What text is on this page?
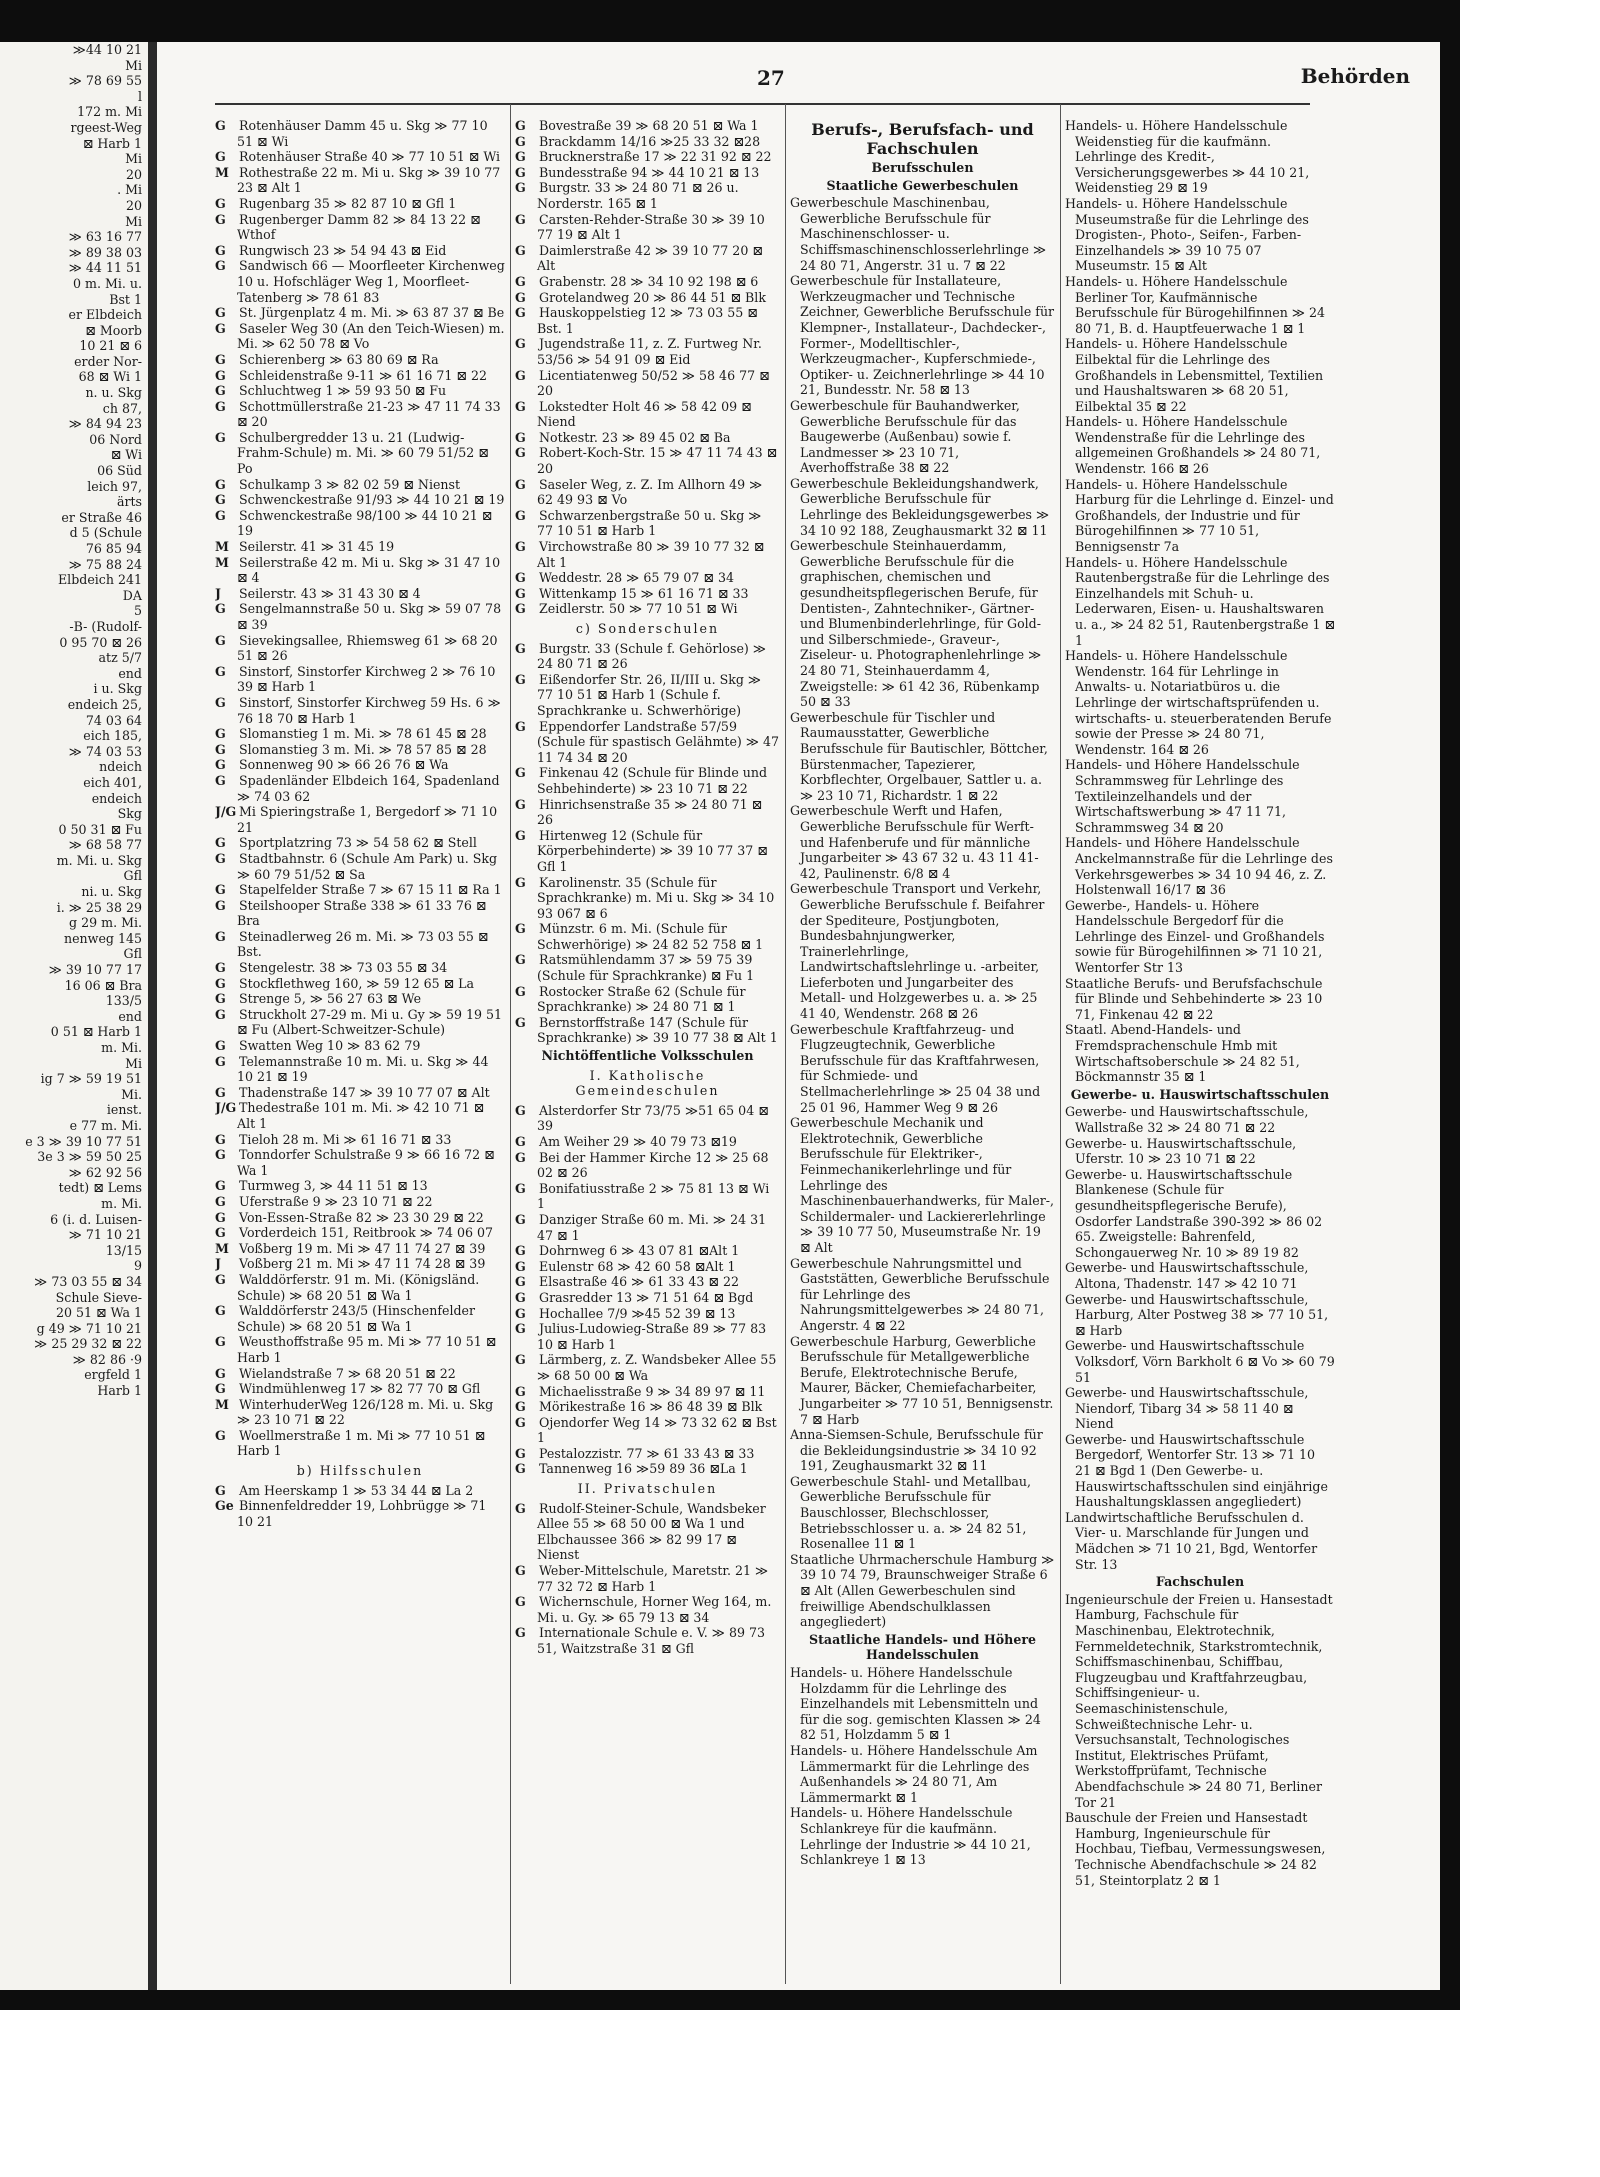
≫44 10 21
Mi
≫ 78 69 55
l
172 m. Mi
rgeest-Weg
⊠ Harb 1
Mi
20
. Mi
20
Mi
≫ 63 16 77
≫ 89 38 03
≫ 44 11 51
0 m. Mi. u.
Bst 1
er Elbdeich
⊠ Moorb
10 21 ⊠ 6
erder Nor-
68 ⊠ Wi 1
n. u. Skg
ch 87,
≫ 84 94 23
06 Nord
⊠ Wi
06 Süd
leich 97,
ärts
er Straße 46
d 5 (Schule
76 85 94
≫ 75 88 24
Elbdeich 241
DA
5
-B- (Rudolf-
0 95 70 ⊠ 26
atz 5/7
end
i u. Skg
endeich 25,
74 03 64
eich 185,
≫ 74 03 53
ndeich
eich 401,
endeich
Skg
0 50 31 ⊠ Fu
≫ 68 58 77
m. Mi. u. Skg
Gfl
ni. u. Skg
i. ≫ 25 38 29
g 29 m. Mi.
nenweg 145
Gfl
≫ 39 10 77 17
16 06 ⊠ Bra
133/5
end
0 51 ⊠ Harb 1
m. Mi.
Mi
ig 7 ≫ 59 19 51
Mi.
ienst.
e 77 m. Mi.
e 3 ≫ 39 10 77 51
3e 3 ≫ 59 50 25
≫ 62 92 56
tedt) ⊠ Lems
m. Mi.
6 (i. d. Luisen-
≫ 71 10 21
13/15
9
≫ 73 03 55 ⊠ 34
Schule Sieve-
20 51 ⊠ Wa 1
g 49 ≫ 71 10 21
≫ 25 29 32 ⊠ 22
≫ 82 86 ·9
ergfeld 1
Harb 1
27	Behörden
G Rotenhäuser Damm 45 u. Skg ≫ 77 10 51 ⊠ Wi
G Rotenhäuser Straße 40 ≫ 77 10 51 ⊠ Wi
M Rothestraße 22 m. Mi u. Skg ≫ 39 10 77 23 ⊠ Alt 1
G Rugenbarg 35 ≫ 82 87 10 ⊠ Gfl 1
G Rugenberger Damm 82 ≫ 84 13 22 ⊠ Wthof
G Rungwisch 23 ≫ 54 94 43 ⊠ Eid
G Sandwisch 66 — Moorfleeter Kirchenweg 10 u. Hofschläger Weg 1, Moorfleet-Tatenberg ≫ 78 61 83
G St. Jürgenplatz 4 m. Mi. ≫ 63 87 37 ⊠ Be
G Saseler Weg 30 (An den Teich-Wiesen) m. Mi. ≫ 62 50 78 ⊠ Vo
G Schierenberg ≫ 63 80 69 ⊠ Ra
G Schleidenstraße 9-11 ≫ 61 16 71 ⊠ 22
G Schluchtweg 1 ≫ 59 93 50 ⊠ Fu
G Schottmüllerstraße 21-23 ≫ 47 11 74 33 ⊠ 20
G Schulbergredder 13 u. 21 (Ludwig-Frahm-Schule) m. Mi. ≫ 60 79 51/52 ⊠ Po
G Schulkamp 3 ≫ 82 02 59 ⊠ Nienst
G Schwenckestraße 91/93 ≫ 44 10 21 ⊠ 19
G Schwenckestraße 98/100 ≫ 44 10 21 ⊠ 19
M Seilerstr. 41 ≫ 31 45 19
M Seilerstraße 42 m. Mi u. Skg ≫ 31 47 10 ⊠ 4
J Seilerstr. 43 ≫ 31 43 30 ⊠ 4
G Sengelmannstraße 50 u. Skg ≫ 59 07 78 ⊠ 39
G Sievekingsallee, Rhiemsweg 61 ≫ 68 20 51 ⊠ 26
G Sinstorf, Sinstorfer Kirchweg 2 ≫ 76 10 39 ⊠ Harb 1
G Sinstorf, Sinstorfer Kirchweg 59 Hs. 6 ≫ 76 18 70 ⊠ Harb 1
G Slomanstieg 1 m. Mi. ≫ 78 61 45 ⊠ 28
G Slomanstieg 3 m. Mi. ≫ 78 57 85 ⊠ 28
G Sonnenweg 90 ≫ 66 26 76 ⊠ Wa
G Spadenländer Elbdeich 164, Spadenland ≫ 74 03 62
J/G Mi Spieringstraße 1, Bergedorf ≫ 71 10 21
G Sportplatzring 73 ≫ 54 58 62 ⊠ Stell
G Stadtbahnstr. 6 (Schule Am Park) u. Skg ≫ 60 79 51/52 ⊠ Sa
G Stapelfelder Straße 7 ≫ 67 15 11 ⊠ Ra 1
G Steilshooper Straße 338 ≫ 61 33 76 ⊠ Bra
G Steinadlerweg 26 m. Mi. ≫ 73 03 55 ⊠ Bst.
G Stengelestr. 38 ≫ 73 03 55 ⊠ 34
G Stockflethweg 160, ≫ 59 12 65 ⊠ La
G Strenge 5, ≫ 56 27 63 ⊠ We
G Struckholt 27-29 m. Mi u. Gy ≫ 59 19 51 ⊠ Fu (Albert-Schweitzer-Schule)
G Swatten Weg 10 ≫ 83 62 79
G Telemannstraße 10 m. Mi. u. Skg ≫ 44 10 21 ⊠ 19
G Thadenstraße 147 ≫ 39 10 77 07 ⊠ Alt
J/G Thedestraße 101 m. Mi. ≫ 42 10 71 ⊠ Alt 1
G Tieloh 28 m. Mi ≫ 61 16 71 ⊠ 33
G Tonndorfer Schulstraße 9 ≫ 66 16 72 ⊠ Wa 1
G Turmweg 3, ≫ 44 11 51 ⊠ 13
G Uferstraße 9 ≫ 23 10 71 ⊠ 22
G Von-Essen-Straße 82 ≫ 23 30 29 ⊠ 22
G Vorderdeich 151, Reitbrook ≫ 74 06 07
M Voßberg 19 m. Mi ≫ 47 11 74 27 ⊠ 39
J Voßberg 21 m. Mi ≫ 47 11 74 28 ⊠ 39
G Walddörferstr. 91 m. Mi. (Königsländ. Schule) ≫ 68 20 51 ⊠ Wa 1
G Walddörferstr 243/5 (Hinschenfelder Schule) ≫ 68 20 51 ⊠ Wa 1
G Weusthoffstraße 95 m. Mi ≫ 77 10 51 ⊠ Harb 1
G Wielandstraße 7 ≫ 68 20 51 ⊠ 22
G Windmühlenweg 17 ≫ 82 77 70 ⊠ Gfl
M WinterhuderWeg 126/128 m. Mi. u. Skg ≫ 23 10 71 ⊠ 22
G Woellmerstraße 1 m. Mi ≫ 77 10 51 ⊠ Harb 1
b) Hilfsschulen
G Am Heerskamp 1 ≫ 53 34 44 ⊠ La 2
Ge Binnenfeldredder 19, Lohbrügge ≫ 71 10 21
G Bovestraße 39 ≫ 68 20 51 ⊠ Wa 1
G Brackdamm 14/16 ≫25 33 32 ⊠28
G Brucknerstraße 17 ≫ 22 31 92 ⊠ 22
G Bundesstraße 94 ≫ 44 10 21 ⊠ 13
G Burgstr. 33 ≫ 24 80 71 ⊠ 26 u. Norderstr. 165 ⊠ 1
G Carsten-Rehder-Straße 30 ≫ 39 10 77 19 ⊠ Alt 1
G Daimlerstraße 42 ≫ 39 10 77 20 ⊠ Alt
G Grabenstr. 28 ≫ 34 10 92 198 ⊠ 6
G Grotelandweg 20 ≫ 86 44 51 ⊠ Blk
G Hauskoppelstieg 12 ≫ 73 03 55 ⊠ Bst. 1
G Jugendstraße 11, z. Z. Furtweg Nr. 53/56 ≫ 54 91 09 ⊠ Eid
G Licentiatenweg 50/52 ≫ 58 46 77 ⊠ 20
G Lokstedter Holt 46 ≫ 58 42 09 ⊠ Niend
G Notkestr. 23 ≫ 89 45 02 ⊠ Ba
G Robert-Koch-Str. 15 ≫ 47 11 74 43 ⊠ 20
G Saseler Weg, z. Z. Im Allhorn 49 ≫ 62 49 93 ⊠ Vo
G Schwarzenbergstraße 50 u. Skg ≫ 77 10 51 ⊠ Harb 1
G Virchowstraße 80 ≫ 39 10 77 32 ⊠ Alt 1
G Weddestr. 28 ≫ 65 79 07 ⊠ 34
G Wittenkamp 15 ≫ 61 16 71 ⊠ 33
G Zeidlerstr. 50 ≫ 77 10 51 ⊠ Wi
c) Sonderschulen
G Burgstr. 33 (Schule f. Gehörlose) ≫ 24 80 71 ⊠ 26
G Eißendorfer Str. 26, II/III u. Skg ≫ 77 10 51 ⊠ Harb 1 (Schule f. Sprachkranke u. Schwerhörige)
G Eppendorfer Landstraße 57/59 (Schule für spastisch Gelähmte) ≫ 47 11 74 34 ⊠ 20
G Finkenau 42 (Schule für Blinde und Sehbehinderte) ≫ 23 10 71 ⊠ 22
G Hinrichsenstraße 35 ≫ 24 80 71 ⊠ 26
G Hirtenweg 12 (Schule für Körperbehinderte) ≫ 39 10 77 37 ⊠ Gfl 1
G Karolinenstr. 35 (Schule für Sprachkranke) m. Mi u. Skg ≫ 34 10 93 067 ⊠ 6
G Münzstr. 6 m. Mi. (Schule für Schwerhörige) ≫ 24 82 52 758 ⊠ 1
G Ratsmühlendamm 37 ≫ 59 75 39 (Schule für Sprachkranke) ⊠ Fu 1
G Rostocker Straße 62 (Schule für Sprachkranke) ≫ 24 80 71 ⊠ 1
G Bernstorffstraße 147 (Schule für Sprachkranke) ≫ 39 10 77 38 ⊠ Alt 1
Nichtöffentliche Volksschulen
I. Katholische Gemeindeschulen
G Alsterdorfer Str 73/75 ≫51 65 04 ⊠ 39
G Am Weiher 29 ≫ 40 79 73 ⊠19
G Bei der Hammer Kirche 12 ≫ 25 68 02 ⊠ 26
G Bonifatiusstraße 2 ≫ 75 81 13 ⊠ Wi 1
G Danziger Straße 60 m. Mi. ≫ 24 31 47 ⊠ 1
G Dohrnweg 6 ≫ 43 07 81 ⊠Alt 1
G Eulenstr 68 ≫ 42 60 58 ⊠Alt 1
G Elsastraße 46 ≫ 61 33 43 ⊠ 22
G Grasredder 13 ≫ 71 51 64 ⊠ Bgd
G Hochallee 7/9 ≫45 52 39 ⊠ 13
G Julius-Ludowieg-Straße 89 ≫ 77 83 10 ⊠ Harb 1
G Lärmberg, z. Z. Wandsbeker Allee 55 ≫ 68 50 00 ⊠ Wa
G Michaelisstraße 9 ≫ 34 89 97 ⊠ 11
G Mörikestraße 16 ≫ 86 48 39 ⊠ Blk
G Ojendorfer Weg 14 ≫ 73 32 62 ⊠ Bst 1
G Pestalozzistr. 77 ≫ 61 33 43 ⊠ 33
G Tannenweg 16 ≫59 89 36 ⊠La 1
II. Privatschulen
G Rudolf-Steiner-Schule, Wandsbeker Allee 55 ≫ 68 50 00 ⊠ Wa 1 und Elbchaussee 366 ≫ 82 99 17 ⊠ Nienst
G Weber-Mittelschule, Maretstr. 21 ≫ 77 32 72 ⊠ Harb 1
G Wichernschule, Horner Weg 164, m. Mi. u. Gy. ≫ 65 79 13 ⊠ 34
G Internationale Schule e. V. ≫ 89 73 51, Waitzstraße 31 ⊠ Gfl
Berufs-, Berufsfach- und Fachschulen
Berufsschulen
Staatliche Gewerbeschulen
Gewerbeschule Maschinenbau, Gewerbliche Berufsschule für Maschinenschlosser- u. Schiffsmaschinenschlosserlehrlinge ≫ 24 80 71, Angerstr. 31 u. 7 ⊠ 22
Gewerbeschule für Installateure, Werkzeugmacher und Technische Zeichner, Gewerbliche Berufsschule für Klempner-, Installateur-, Dachdecker-, Former-, Modelltischler-, Werkzeugmacher-, Kupferschmiede-, Optiker- u. Zeichnerlehrlinge ≫ 44 10 21, Bundesstr. Nr. 58 ⊠ 13
Gewerbeschule für Bauhandwerker, Gewerbliche Berufsschule für das Baugewerbe (Außenbau) sowie f. Landmesser ≫ 23 10 71, Averhoffstraße 38 ⊠ 22
Gewerbeschule Bekleidungshandwerk, Gewerbliche Berufsschule für Lehrlinge des Bekleidungsgewerbes ≫ 34 10 92 188, Zeughausmarkt 32 ⊠ 11
Gewerbeschule Steinhauerdamm, Gewerbliche Berufsschule für die graphischen, chemischen und gesundheitspflegerischen Berufe, für Dentisten-, Zahntechniker-, Gärtner- und Blumenbinderlehrlinge, für Gold- und Silberschmiede-, Graveur-, Ziseleur- u. Photographenlehrlinge ≫ 24 80 71, Steinhauerdamm 4, Zweigstelle: ≫ 61 42 36, Rübenkamp 50 ⊠ 33
Gewerbeschule für Tischler und Raumausstatter, Gewerbliche Berufsschule für Bautischler, Böttcher, Bürstenmacher, Tapezierer, Korbflechter, Orgelbauer, Sattler u. a. ≫ 23 10 71, Richardstr. 1 ⊠ 22
Gewerbeschule Werft und Hafen, Gewerbliche Berufsschule für Werft- und Hafenberufe und für männliche Jungarbeiter ≫ 43 67 32 u. 43 11 41-42, Paulinenstr. 6/8 ⊠ 4
Gewerbeschule Transport und Verkehr, Gewerbliche Berufsschule f. Beifahrer der Spediteure, Postjungboten, Bundesbahnjungwerker, Trainerlehrlinge, Landwirtschaftslehrlinge u. -arbeiter, Lieferboten und Jungarbeiter des Metall- und Holzgewerbes u. a. ≫ 25 41 40, Wendenstr. 268 ⊠ 26
Gewerbeschule Kraftfahrzeug- und Flugzeugtechnik, Gewerbliche Berufsschule für das Kraftfahrwesen, für Schmiede- und Stellmacherlehrlinge ≫ 25 04 38 und 25 01 96, Hammer Weg 9 ⊠ 26
Gewerbeschule Mechanik und Elektrotechnik, Gewerbliche Berufsschule für Elektriker-, Feinmechanikerlehrlinge und für Lehrlinge des Maschinenbauerhandwerks, für Maler-, Schildermaler- und Lackiererlehrlinge ≫ 39 10 77 50, Museumstraße Nr. 19 ⊠ Alt
Gewerbeschule Nahrungsmittel und Gaststätten, Gewerbliche Berufsschule für Lehrlinge des Nahrungsmittelgewerbes ≫ 24 80 71, Angerstr. 4 ⊠ 22
Gewerbeschule Harburg, Gewerbliche Berufsschule für Metallgewerbliche Berufe, Elektrotechnische Berufe, Maurer, Bäcker, Chemiefacharbeiter, Jungarbeiter ≫ 77 10 51, Bennigsenstr. 7 ⊠ Harb
Anna-Siemsen-Schule, Berufsschule für die Bekleidungsindustrie ≫ 34 10 92 191, Zeughausmarkt 32 ⊠ 11
Gewerbeschule Stahl- und Metallbau, Gewerbliche Berufsschule für Bauschlosser, Blechschlosser, Betriebsschlosser u. a. ≫ 24 82 51, Rosenallee 11 ⊠ 1
Staatliche Uhrmacherschule Hamburg ≫ 39 10 74 79, Braunschweiger Straße 6 ⊠ Alt (Allen Gewerbeschulen sind freiwillige Abendschulklassen angegliedert)
Staatliche Handels- und Höhere Handelsschulen
Handels- u. Höhere Handelsschule Holzdamm für die Lehrlinge des Einzelhandels mit Lebensmitteln und für die sog. gemischten Klassen ≫ 24 82 51, Holzdamm 5 ⊠ 1
Handels- u. Höhere Handelsschule Am Lämmermarkt für die Lehrlinge des Außenhandels ≫ 24 80 71, Am Lämmermarkt ⊠ 1
Handels- u. Höhere Handelsschule Schlankreye für die kaufmänn. Lehrlinge der Industrie ≫ 44 10 21, Schlankreye 1 ⊠ 13
Handels- u. Höhere Handelsschule Weidenstieg für die kaufmänn. Lehrlinge des Kredit-, Versicherungsgewerbes ≫ 44 10 21, Weidenstieg 29 ⊠ 19
Handels- u. Höhere Handelsschule Museumstraße für die Lehrlinge des Drogisten-, Photo-, Seifen-, Farben-Einzelhandels ≫ 39 10 75 07 Museumstr. 15 ⊠ Alt
Handels- u. Höhere Handelsschule Berliner Tor, Kaufmännische Berufsschule für Bürogehilfinnen ≫ 24 80 71, B. d. Hauptfeuerwache 1 ⊠ 1
Handels- u. Höhere Handelsschule Eilbektal für die Lehrlinge des Großhandels in Lebensmittel, Textilien und Haushaltswaren ≫ 68 20 51, Eilbektal 35 ⊠ 22
Handels- u. Höhere Handelsschule Wendenstraße für die Lehrlinge des allgemeinen Großhandels ≫ 24 80 71, Wendenstr. 166 ⊠ 26
Handels- u. Höhere Handelsschule Harburg für die Lehrlinge d. Einzel- und Großhandels, der Industrie und für Bürogehilfinnen ≫ 77 10 51, Bennigsenstr 7a
Handels- u. Höhere Handelsschule Rautenbergstraße für die Lehrlinge des Einzelhandels mit Schuh- u. Lederwaren, Eisen- u. Haushaltswaren u. a., ≫ 24 82 51, Rautenbergstraße 1 ⊠ 1
Handels- u. Höhere Handelsschule Wendenstr. 164 für Lehrlinge in Anwalts- u. Notariatbüros u. die Lehrlinge der wirtschaftsprüfenden u. wirtschafts- u. steuerberatenden Berufe sowie der Presse ≫ 24 80 71, Wendenstr. 164 ⊠ 26
Handels- und Höhere Handelsschule Schrammsweg für Lehrlinge des Textileinzelhandels und der Wirtschaftswerbung ≫ 47 11 71, Schrammsweg 34 ⊠ 20
Handels- und Höhere Handelsschule Anckelmannstraße für die Lehrlinge des Verkehrsgewerbes ≫ 34 10 94 46, z. Z. Holstenwall 16/17 ⊠ 36
Gewerbe-, Handels- u. Höhere Handelsschule Bergedorf für die Lehrlinge des Einzel- und Großhandels sowie für Bürogehilfinnen ≫ 71 10 21, Wentorfer Str 13
Staatliche Berufs- und Berufsfachschule für Blinde und Sehbehinderte ≫ 23 10 71, Finkenau 42 ⊠ 22
Staatl. Abend-Handels- und Fremdsprachenschule Hmb mit Wirtschaftsoberschule ≫ 24 82 51, Böckmannstr 35 ⊠ 1
Gewerbe- u. Hauswirtschaftsschulen
Gewerbe- und Hauswirtschaftsschule, Wallstraße 32 ≫ 24 80 71 ⊠ 22
Gewerbe- u. Hauswirtschaftsschule, Uferstr. 10 ≫ 23 10 71 ⊠ 22
Gewerbe- u. Hauswirtschaftsschule Blankenese (Schule für gesundheitspflegerische Berufe), Osdorfer Landstraße 390-392 ≫ 86 02 65. Zweigstelle: Bahrenfeld, Schongauerweg Nr. 10 ≫ 89 19 82
Gewerbe- und Hauswirtschaftsschule, Altona, Thadenstr. 147 ≫ 42 10 71
Gewerbe- und Hauswirtschaftsschule, Harburg, Alter Postweg 38 ≫ 77 10 51, ⊠ Harb
Gewerbe- und Hauswirtschaftsschule Volksdorf, Vörn Barkholt 6 ⊠ Vo ≫ 60 79 51
Gewerbe- und Hauswirtschaftsschule, Niendorf, Tibarg 34 ≫ 58 11 40 ⊠ Niend
Gewerbe- und Hauswirtschaftsschule Bergedorf, Wentorfer Str. 13 ≫ 71 10 21 ⊠ Bgd 1 (Den Gewerbe- u. Hauswirtschaftsschulen sind einjährige Haushaltungsklassen angegliedert)
Landwirtschaftliche Berufsschulen d. Vier- u. Marschlande für Jungen und Mädchen ≫ 71 10 21, Bgd, Wentorfer Str. 13
Fachschulen
Ingenieurschule der Freien u. Hansestadt Hamburg, Fachschule für Maschinenbau, Elektrotechnik, Fernmeldetechnik, Starkstromtechnik, Schiffsmaschinenbau, Schiffbau, Flugzeugbau und Kraftfahrzeugbau, Schiffsingenieur- u. Seemaschinistenschule, Schweißtechnische Lehr- u. Versuchsanstalt, Technologisches Institut, Elektrisches Prüfamt, Werkstoffprüfamt, Technische Abendfachschule ≫ 24 80 71, Berliner Tor 21
Bauschule der Freien und Hansestadt Hamburg, Ingenieurschule für Hochbau, Tiefbau, Vermessungswesen, Technische Abendfachschule ≫ 24 82 51, Steintorplatz 2 ⊠ 1
